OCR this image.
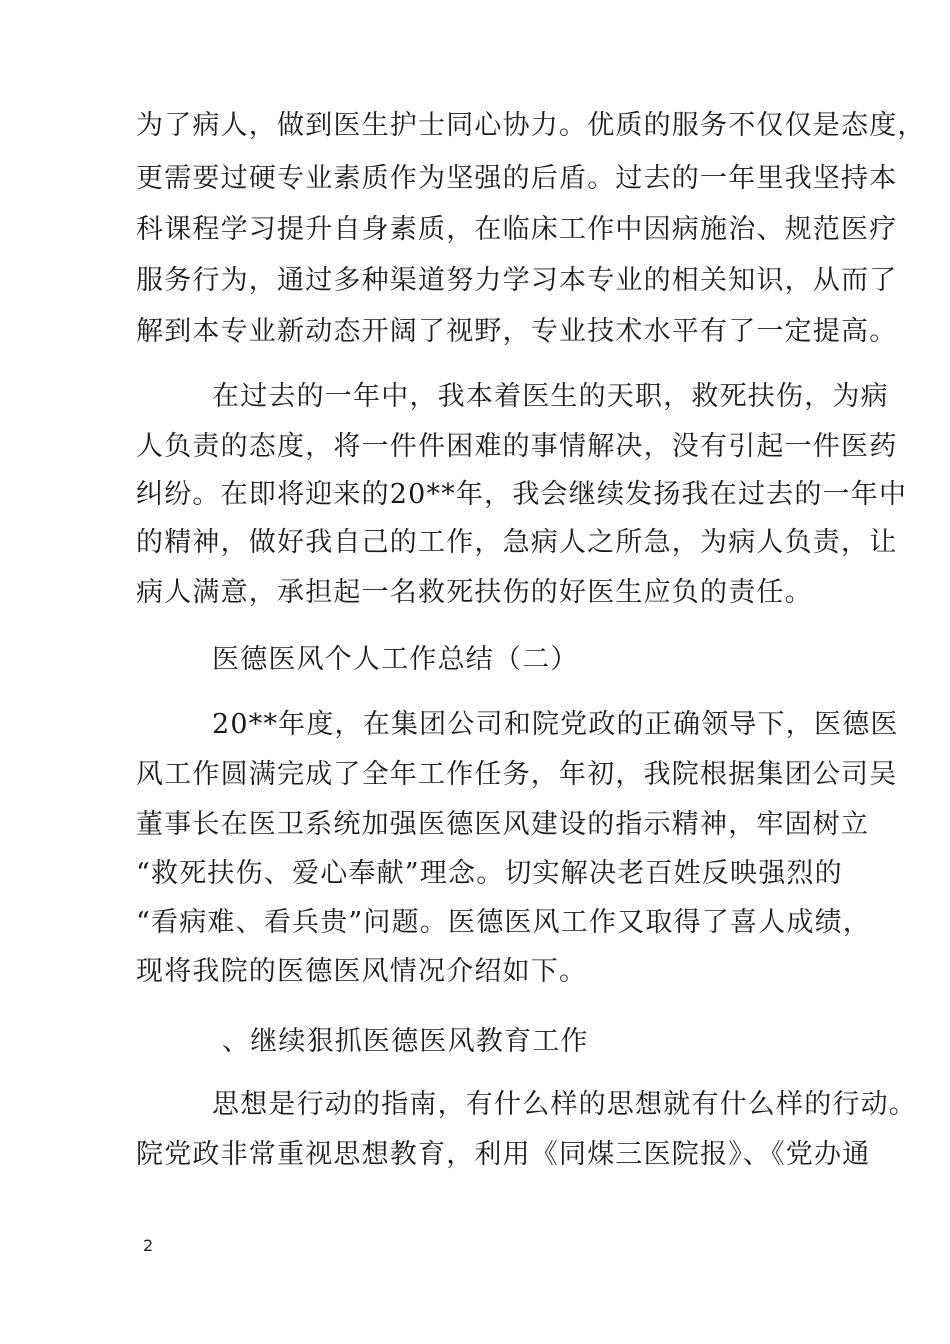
为了病人，做到医生护士同心协力。优质的服务不仅仅是态度，
更需要过硬专业素质作为坚强的后盾。过去的一年里我坚持本
科课程学习提升自身素质，在临床工作中因病施治、规范医疗
服务行为，通过多种渠道努力学习本专业的相关知识，从而了
解到本专业新动态开阔了视野，专业技术水平有了一定提高。
在过去的一年中，我本着医生的天职，救死扶伤，为病
人负责的态度，将一件件困难的事情解决，没有引起一件医药
纠纷。在即将迎来的20**年，我会继续发扬我在过去的一年中
的精神，做好我自己的工作，急病人之所急，为病人负责，让
病人满意，承担起一名救死扶伤的好医生应负的责任。
医德医风个人工作总结（二）
20**年度，在集团公司和院党政的正确领导下，医德医
风工作圆满完成了全年工作任务，年初，我院根据集团公司吴
董事长在医卫系统加强医德医风建设的指示精神，牢固树立
“救死扶伤、爱心奉献”理念。切实解决老百姓反映强烈的
“看病难、看兵贵”问题。医德医风工作又取得了喜人成绩，
现将我院的医德医风情况介绍如下。
、继续狠抓医德医风教育工作
思想是行动的指南，有什么样的思想就有什么样的行动。
院党政非常重视思想教育，利用《同煤三医院报》、《党办通
2
